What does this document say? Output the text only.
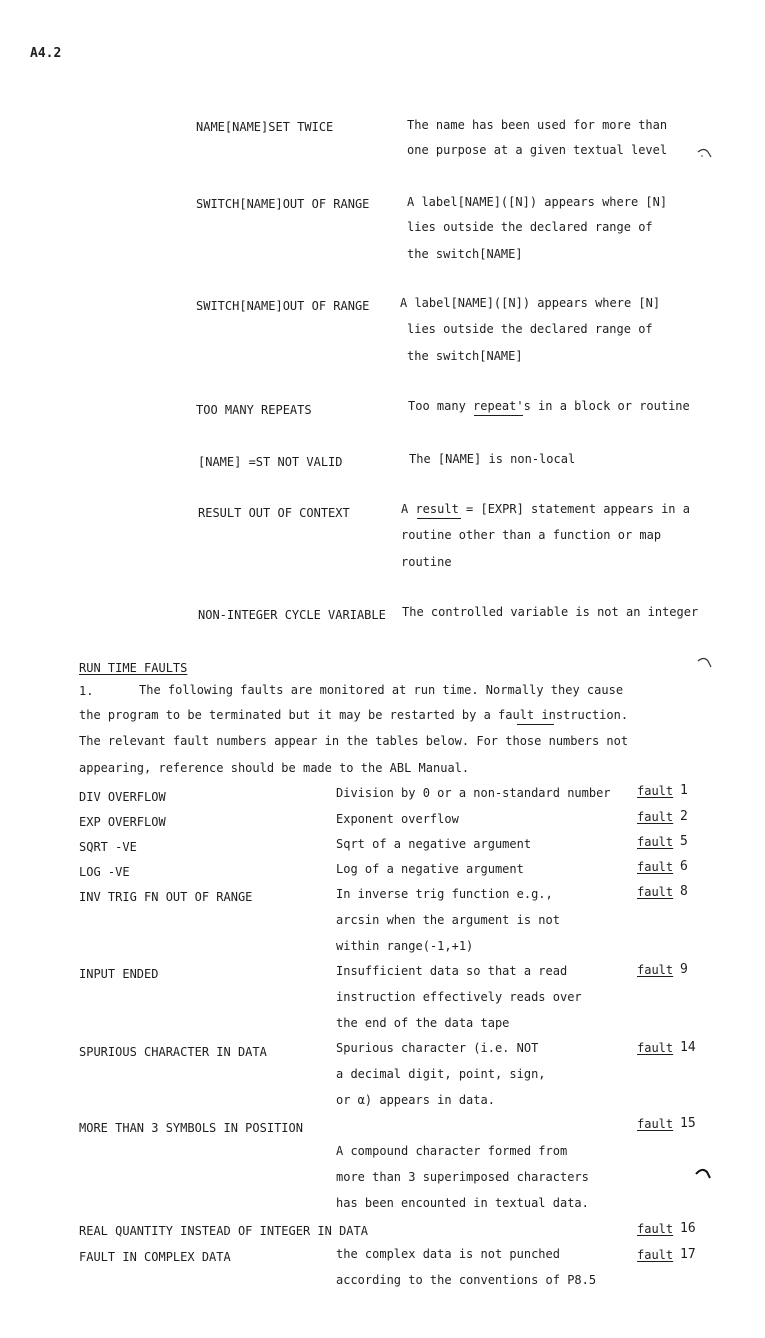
A4.2
NAME[NAME]SET TWICE	The name has been used for more than
one purpose at a given textual level
SWITCH[NAME]OUT OF RANGE	A label[NAME]([N]) appears where [N]
lies outside the declared range of
the switch[NAME]
SWITCH[NAME]OUT OF RANGE	A label[NAME]([N]) appears where [N]
lies outside the declared range of
the switch[NAME]
TOO MANY REPEATS	Too many repeat's in a block or routine
[NAME] =ST NOT VALID	The [NAME] is non-local
RESULT OUT OF CONTEXT	A result = [EXPR] statement appears in a
routine other than a function or map
routine
NON-INTEGER CYCLE VARIABLE The controlled variable is not an integer
RUN TIME FAULTS
1.	The following faults are monitored at run time. Normally they cause
the program to be terminated but it may be restarted by a fault instruction.
The relevant fault numbers appear in the tables below. For those numbers not
appearing, reference should be made to the ABL Manual.
DIV OVERFLOW	Division by 0 or a non-standard number fault 1
EXP OVERFLOW	Exponent overflow	fault 2
SQRT -VE	Sqrt of a negative argument	fault 5
LOG -VE	Log of a negative argument	fault 6
INV TRIG FN OUT OF RANGE	In inverse trig function e.g.,
arcsin when the argument is not
within range(-1,+1)
fault 8
INPUT ENDED	Insufficient data so that a read
instruction effectively reads over
the end of the data tape
fault 9
SPURIOUS CHARACTER IN DATA	Spurious character (i.e. NOT
a decimal digit, point, sign,
or α) appears in data.
fault 14
MORE THAN 3 SYMBOLS IN POSITION
A compound character formed from
more than 3 superimposed characters
has been encounted in textual data.
fault 15
REAL QUANTITY INSTEAD OF INTEGER IN DATA	fault 16
FAULT IN COMPLEX DATA	the complex data is not punched
according to the conventions of P8.5
fault 17
